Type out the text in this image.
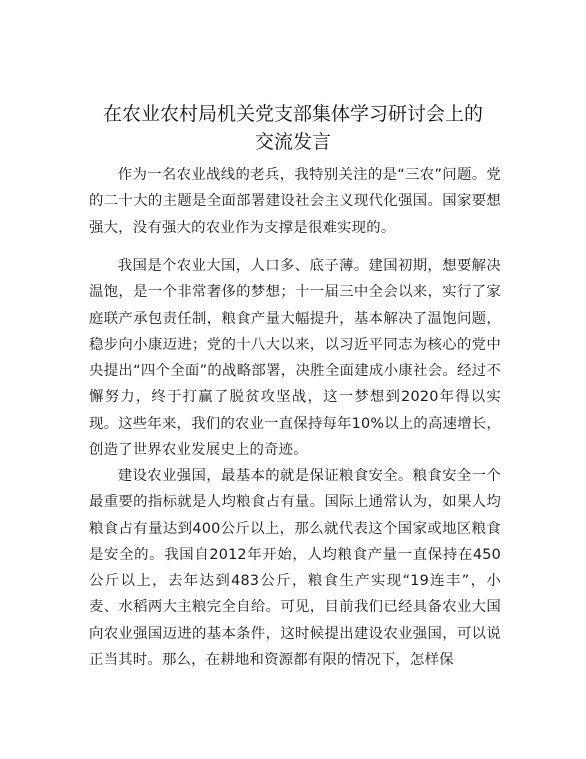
在农业农村局机关党支部集体学习研讨会上的
交流发言

作为一名农业战线的老兵，我特别关注的是“三农”问题。党的二十大的主题是全面部署建设社会主义现代化强国。国家要想强大，没有强大的农业作为支撑是很难实现的。

我国是个农业大国，人口多、底子薄。建国初期，想要解决温饱，是一个非常奢侈的梦想；十一届三中全会以来，实行了家庭联产承包责任制，粮食产量大幅提升，基本解决了温饱问题，稳步向小康迈进；党的十八大以来，以习近平同志为核心的党中央提出“四个全面”的战略部署，决胜全面建成小康社会。经过不懈努力，终于打赢了脱贫攻坚战，这一梦想到2020年得以实现。这些年来，我们的农业一直保持每年10%以上的高速增长，创造了世界农业发展史上的奇迹。

建设农业强国，最基本的就是保证粮食安全。粮食安全一个最重要的指标就是人均粮食占有量。国际上通常认为，如果人均粮食占有量达到400公斤以上，那么就代表这个国家或地区粮食是安全的。我国自2012年开始，人均粮食产量一直保持在450公斤以上，去年达到483公斤，粮食生产实现“19连丰”，小麦、水稻两大主粮完全自给。可见，目前我们已经具备农业大国向农业强国迈进的基本条件，这时候提出建设农业强国，可以说正当其时。那么，在耕地和资源都有限的情况下，怎样保
